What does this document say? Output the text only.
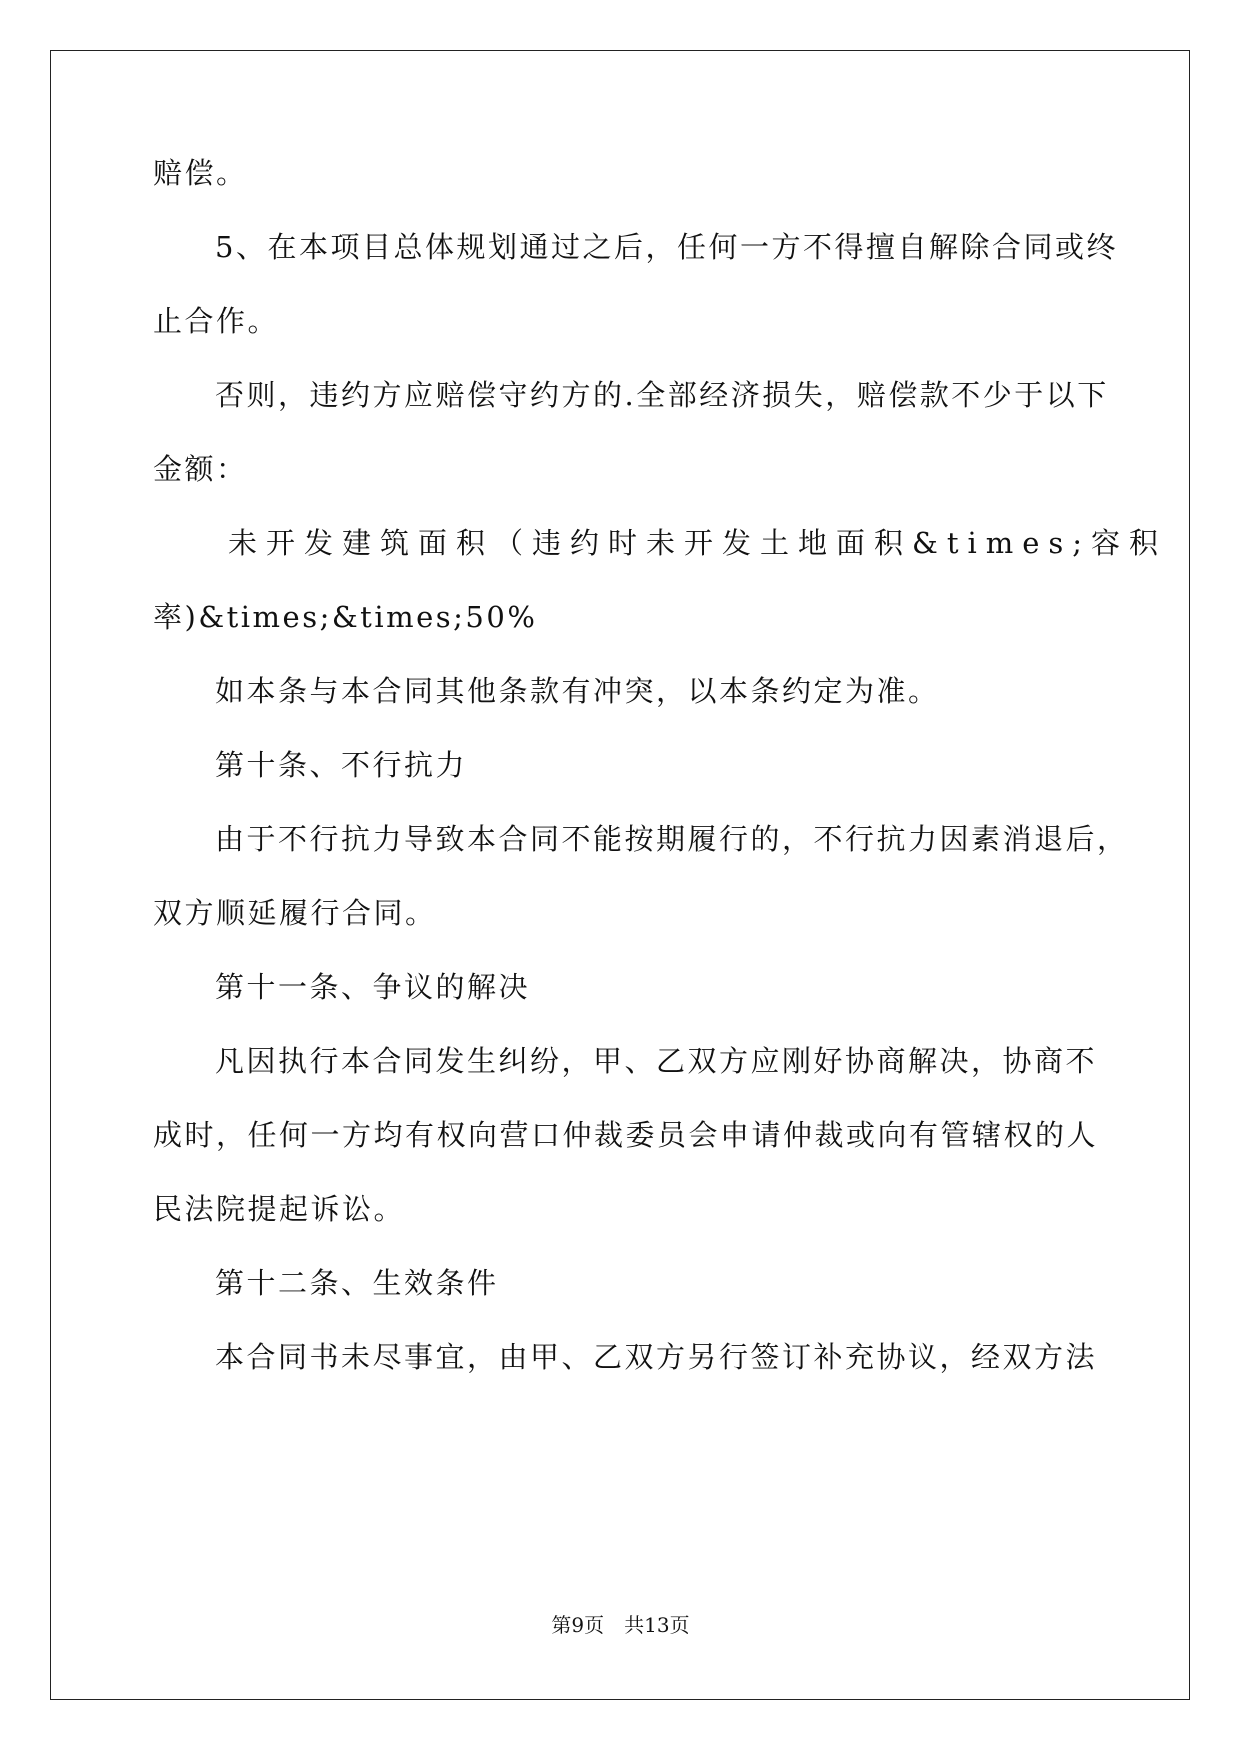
赔偿。

5、在本项目总体规划通过之后，任何一方不得擅自解除合同或终

止合作。

否则，违约方应赔偿守约方的.全部经济损失，赔偿款不少于以下

金额：

未开发建筑面积（违约时未开发土地面积&times;容积

率)&times;&times;50%

如本条与本合同其他条款有冲突，以本条约定为准。

第十条、不行抗力

由于不行抗力导致本合同不能按期履行的，不行抗力因素消退后，

双方顺延履行合同。

第十一条、争议的解决

凡因执行本合同发生纠纷，甲、乙双方应刚好协商解决，协商不

成时，任何一方均有权向营口仲裁委员会申请仲裁或向有管辖权的人

民法院提起诉讼。

第十二条、生效条件

本合同书未尽事宜，由甲、乙双方另行签订补充协议，经双方法

第9页　共13页
